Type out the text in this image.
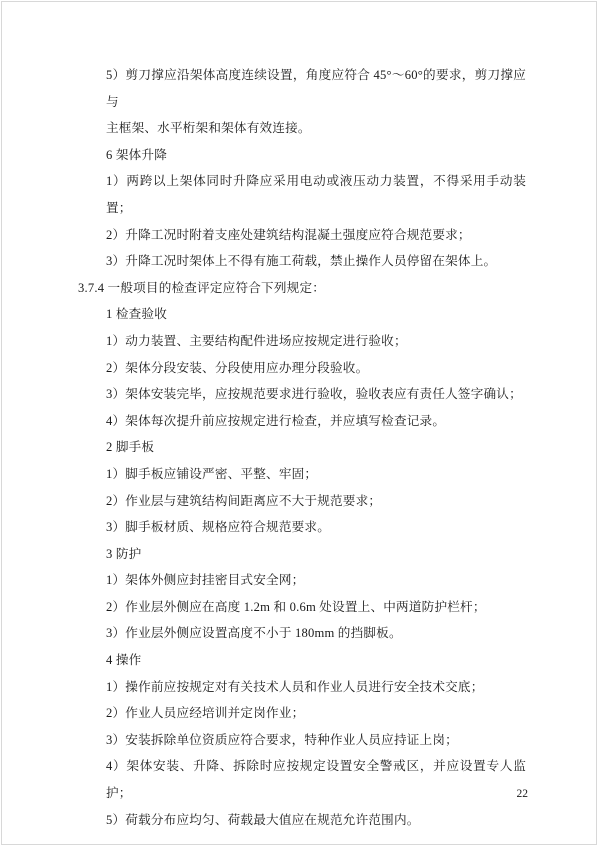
5）剪刀撑应沿架体高度连续设置，角度应符合 45°～60°的要求，剪刀撑应与
主框架、水平桁架和架体有效连接。
6 架体升降
1）两跨以上架体同时升降应采用电动或液压动力装置，不得采用手动装置；
2）升降工况时附着支座处建筑结构混凝土强度应符合规范要求；
3）升降工况时架体上不得有施工荷载，禁止操作人员停留在架体上。
3.7.4 一般项目的检查评定应符合下列规定：
1 检查验收
1）动力装置、主要结构配件进场应按规定进行验收；
2）架体分段安装、分段使用应办理分段验收。
3）架体安装完毕，应按规范要求进行验收，验收表应有责任人签字确认；
4）架体每次提升前应按规定进行检查，并应填写检查记录。
2 脚手板
1）脚手板应铺设严密、平整、牢固；
2）作业层与建筑结构间距离应不大于规范要求；
3）脚手板材质、规格应符合规范要求。
3 防护
1）架体外侧应封挂密目式安全网；
2）作业层外侧应在高度 1.2m 和 0.6m 处设置上、中两道防护栏杆；
3）作业层外侧应设置高度不小于 180mm 的挡脚板。
4 操作
1）操作前应按规定对有关技术人员和作业人员进行安全技术交底；
2）作业人员应经培训并定岗作业；
3）安装拆除单位资质应符合要求，特种作业人员应持证上岗；
4）架体安装、升降、拆除时应按规定设置安全警戒区，并应设置专人监护；
5）荷载分布应均匀、荷载最大值应在规范允许范围内。
22
